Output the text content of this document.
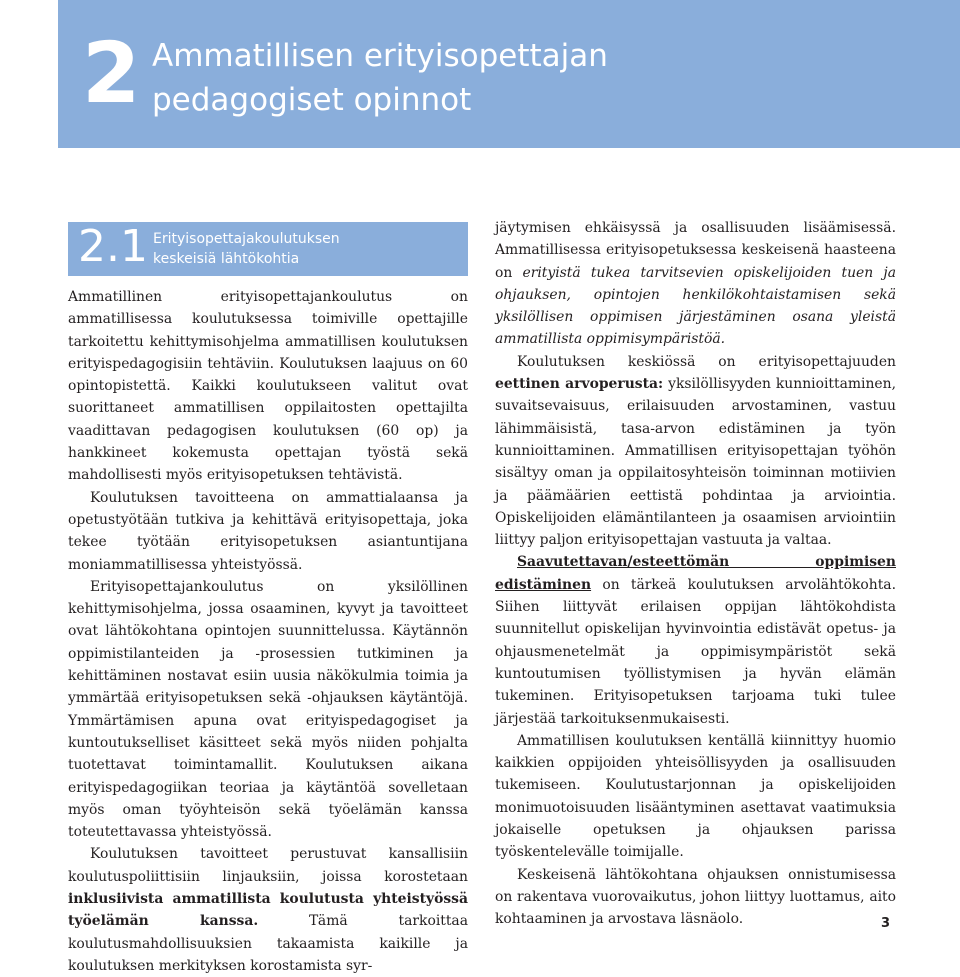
2 Ammatillisen erityisopettajan
pedagogiset opinnot
2.1 Erityisopettajakoulutuksen
keskeisiä lähtökohtia

Ammatillinen erityisopettajankoulutus on ammatillisessa koulutuksessa toimiville opettajille tarkoitettu kehittymisohjelma ammatillisen koulutuksen erityispedagogisiin tehtäviin. Koulutuksen laajuus on 60 opintopistettä. Kaikki koulutukseen valitut ovat suorittaneet ammatillisen oppilaitosten opettajilta vaadittavan pedagogisen koulutuksen (60 op) ja hankkineet kokemusta opettajan työstä sekä mahdollisesti myös erityisopetuksen tehtävistä.

Koulutuksen tavoitteena on ammattialaansa ja opetustyötään tutkiva ja kehittävä erityisopettaja, joka tekee työtään erityisopetuksen asiantuntijana moniammatillisessa yhteistyössä.

Erityisopettajankoulutus on yksilöllinen kehittymisohjelma, jossa osaaminen, kyvyt ja tavoitteet ovat lähtökohtana opintojen suunnittelussa. Käytännön oppimistilanteiden ja -prosessien tutkiminen ja kehittäminen nostavat esiin uusia näkökulmia toimia ja ymmärtää erityisopetuksen sekä -ohjauksen käytäntöjä. Ymmärtämisen apuna ovat erityispedagogiset ja kuntoutukselliset käsitteet sekä myös niiden pohjalta tuotettavat toimintamallit. Koulutuksen aikana erityispedagogiikan teoriaa ja käytäntöä sovelletaan myös oman työyhteisön sekä työelämän kanssa toteutettavassa yhteistyössä.

Koulutuksen tavoitteet perustuvat kansallisiin koulutuspoliittisiin linjauksiin, joissa korostetaan inklusiivista ammatillista koulutusta yhteistyössä työelämän kanssa. Tämä tarkoittaa koulutusmahdollisuuksien takaamista kaikille ja koulutuksen merkityksen korostamista syr-

jäytymisen ehkäisyssä ja osallisuuden lisäämisessä. Ammatillisessa erityisopetuksessa keskeisenä haasteena on erityistä tukea tarvitsevien opiskelijoiden tuen ja ohjauksen, opintojen henkilökohtaistamisen sekä yksilöllisen oppimisen järjestäminen osana yleistä ammatillista oppimisympäristöä.

Koulutuksen keskiössä on erityisopettajuuden eettinen arvoperusta: yksilöllisyyden kunnioittaminen, suvaitsevaisuus, erilaisuuden arvostaminen, vastuu lähimmäisistä, tasa-arvon edistäminen ja työn kunnioittaminen. Ammatillisen erityisopettajan työhön sisältyy oman ja oppilaitosyhteisön toiminnan motiivien ja päämäärien eettistä pohdintaa ja arviointia. Opiskelijoiden elämäntilanteen ja osaamisen arviointiin liittyy paljon erityisopettajan vastuuta ja valtaa.

Saavutettavan/esteettömän oppimisen edistäminen on tärkeä koulutuksen arvolähtökohta. Siihen liittyvät erilaisen oppijan lähtökohdista suunnitellut opiskelijan hyvinvointia edistävät opetus- ja ohjausmenetelmät ja oppimisympäristöt sekä kuntoutumisen työllistymisen ja hyvän elämän tukeminen. Erityisopetuksen tarjoama tuki tulee järjestää tarkoituksenmukaisesti.

Ammatillisen koulutuksen kentällä kiinnittyy huomio kaikkien oppijoiden yhteisöllisyyden ja osallisuuden tukemiseen. Koulutustarjonnan ja opiskelijoiden monimuotoisuuden lisääntyminen asettavat vaatimuksia jokaiselle opetuksen ja ohjauksen parissa työskentelevälle toimijalle.

Keskeisenä lähtökohtana ohjauksen onnistumisessa on rakentava vuorovaikutus, johon liittyy luottamus, aito kohtaaminen ja arvostava läsnäolo.	3
